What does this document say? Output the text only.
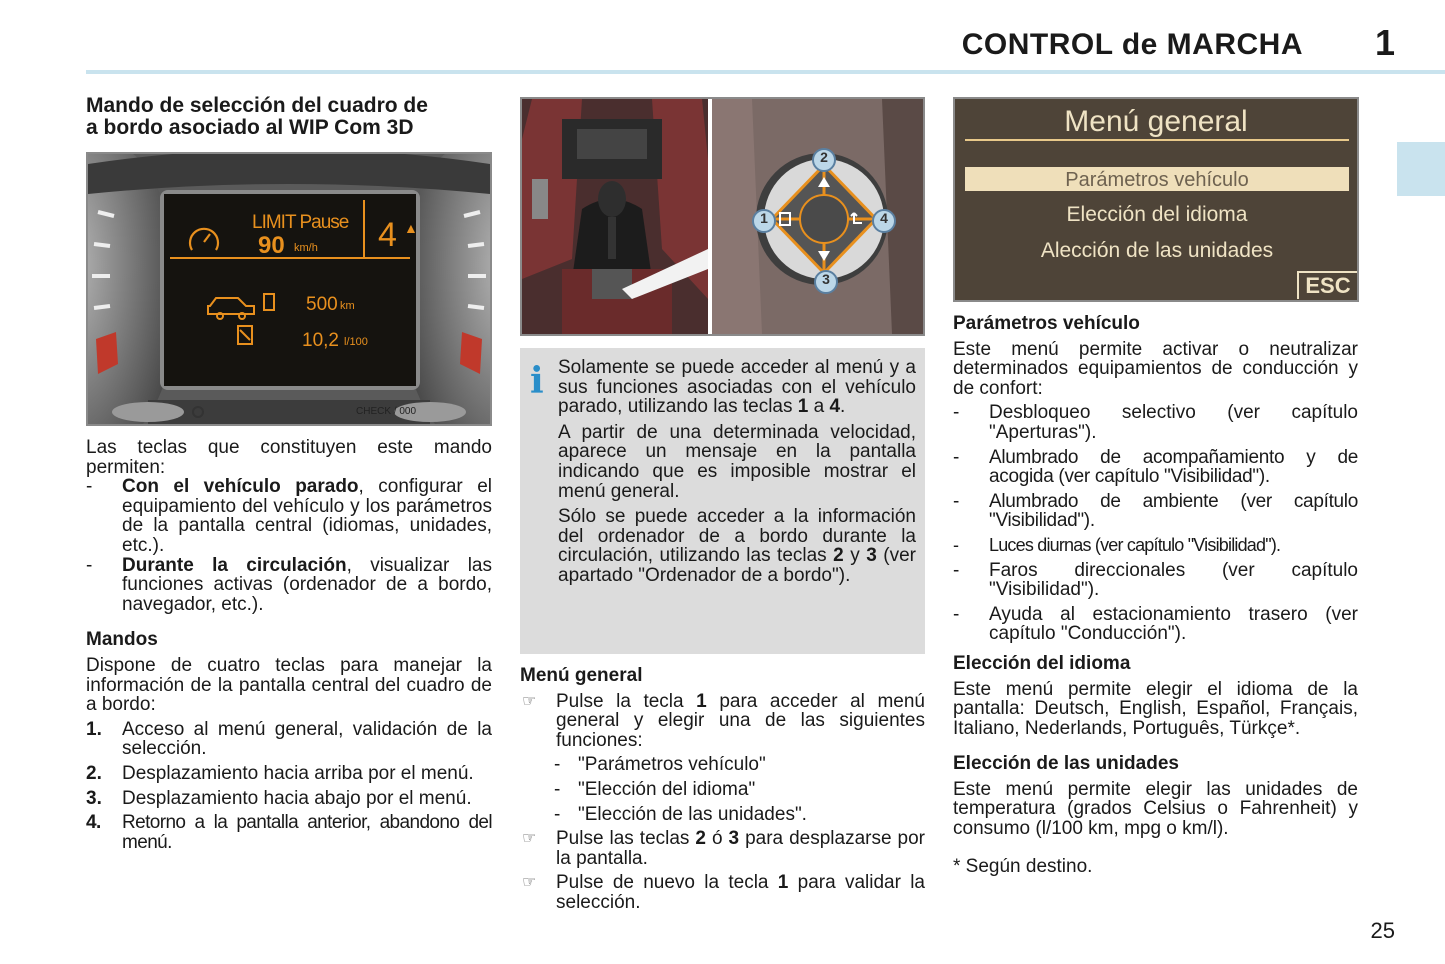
CONTROL de MARCHA 1
Mando de selección del cuadro de
a bordo asociado al WIP Com 3D
LIMIT Pause
90 km/h 4 ▲
500 km
10,2 l/100
CHECK / 000

Las teclas que constituyen este mando permiten:

- Con el vehículo parado, configurar el equipamiento del vehículo y los parámetros de la pantalla central (idiomas, unidades, etc.).
- Durante la circulación, visualizar las funciones activas (ordenador de a bordo, navegador, etc.).
Mandos

Dispone de cuatro teclas para manejar la información de la pantalla central del cuadro de a bordo:

1. Acceso al menú general, validación de la selección.
2. Desplazamiento hacia arriba por el menú.
3. Desplazamiento hacia abajo por el menú.
4. Retorno a la pantalla anterior, abandono del menú.
1
2
3
4
i Solamente se puede acceder al menú y a sus funciones asociadas con el vehículo parado, utilizando las teclas 1 a 4.

A partir de una determinada velocidad, aparece un mensaje en la pantalla indicando que es imposible mostrar el menú general.

Sólo se puede acceder a la información del ordenador de a bordo durante la circulación, utilizando las teclas 2 y 3 (ver apartado "Ordenador de a bordo").

Menú general
☞ Pulse la tecla 1 para acceder al menú general y elegir una de las siguientes funciones:
- "Parámetros vehículo"
- "Elección del idioma"
- "Elección de las unidades".
☞ Pulse las teclas 2 ó 3 para desplazarse por la pantalla.
☞ Pulse de nuevo la tecla 1 para validar la selección.
Menú general
Parámetros vehículo
Elección del idioma
Alección de las unidades
ESC
Parámetros vehículo

Este menú permite activar o neutralizar determinados equipamientos de conducción y de confort:

- Desbloqueo selectivo (ver capítulo "Aperturas").
- Alumbrado de acompañamiento y de acogida (ver capítulo "Visibilidad").
- Alumbrado de ambiente (ver capítulo "Visibilidad").
- Luces diurnas (ver capítulo "Visibilidad").
- Faros direccionales (ver capítulo "Visibilidad").
- Ayuda al estacionamiento trasero (ver capítulo "Conducción").
Elección del idioma

Este menú permite elegir el idioma de la pantalla: Deutsch, English, Español, Français, Italiano, Nederlands, Português, Türkçe*.

Elección de las unidades

Este menú permite elegir las unidades de temperatura (grados Celsius o Fahrenheit) y consumo (l/100 km, mpg o km/l).

* Según destino.

25
